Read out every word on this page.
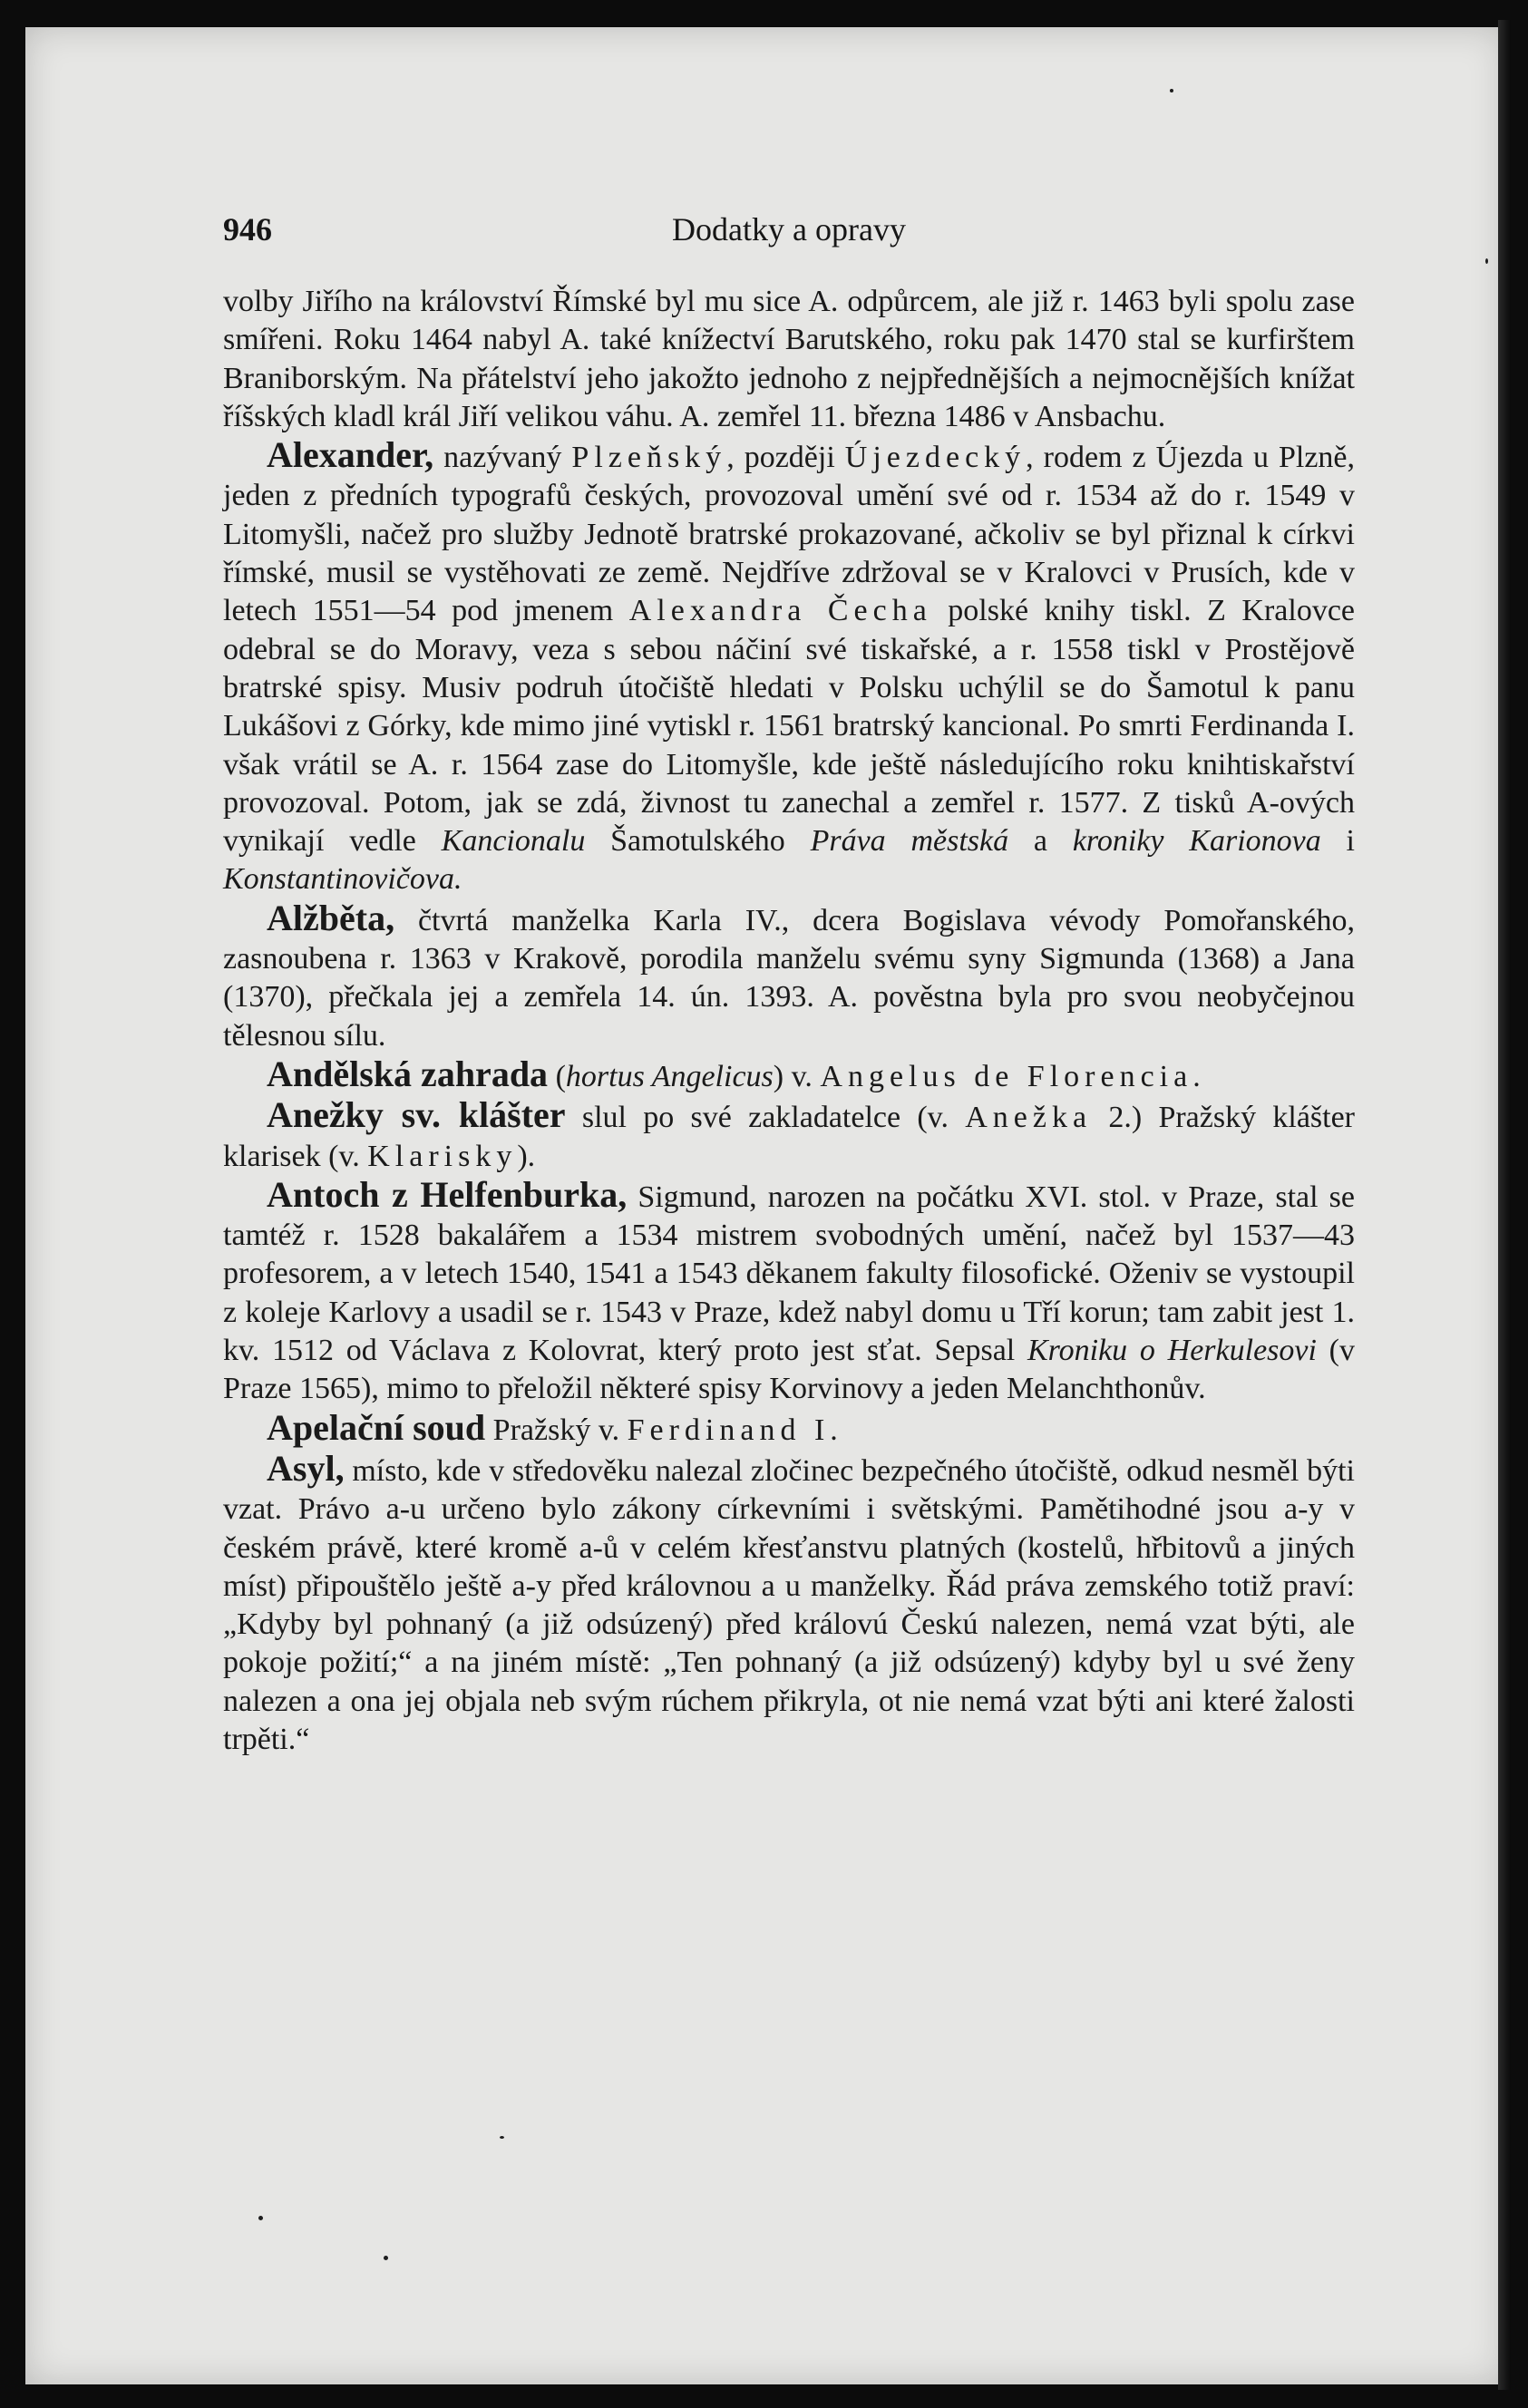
946	Dodatky a opravy

volby Jiřího na království Římské byl mu sice A. odpůrcem, ale již r. 1463 byli spolu zase smířeni. Roku 1464 nabyl A. také knížectví Barutského, roku pak 1470 stal se kurfirštem Braniborským. Na přátelství jeho jakožto jednoho z nejpřednějších a nejmocnějších knížat říšských kladl král Jiří velikou váhu. A. zemřel 11. března 1486 v Ansbachu.

Alexander, nazývaný Plzeňský, později Újezdecký, rodem z Újezda u Plzně, jeden z předních typografů českých, provozoval umění své od r. 1534 až do r. 1549 v Litomyšli, načež pro služby Jednotě bratrské prokazované, ačkoliv se byl přiznal k církvi římské, musil se vystěhovati ze země. Nejdříve zdržoval se v Kralovci v Prusích, kde v letech 1551—54 pod jmenem Alexandra Čecha polské knihy tiskl. Z Kralovce odebral se do Moravy, veza s sebou náčiní své tiskařské, a r. 1558 tiskl v Prostějově bratrské spisy. Musiv podruh útočiště hledati v Polsku uchýlil se do Šamotul k panu Lukášovi z Górky, kde mimo jiné vytiskl r. 1561 bratrský kancional. Po smrti Ferdinanda I. však vrátil se A. r. 1564 zase do Litomyšle, kde ještě následujícího roku knihtiskařství provozoval. Potom, jak se zdá, živnost tu zanechal a zemřel r. 1577. Z tisků A-ových vynikají vedle Kancionalu Šamotulského Práva městská a kroniky Karionova i Konstantinovičova.

Alžběta, čtvrtá manželka Karla IV., dcera Bogislava vévody Pomořanského, zasnoubena r. 1363 v Krakově, porodila manželu svému syny Sigmunda (1368) a Jana (1370), přečkala jej a zemřela 14. ún. 1393. A. pověstna byla pro svou neobyčejnou tělesnou sílu.

Andělská zahrada (hortus Angelicus) v. Angelus de Florencia.

Anežky sv. klášter slul po své zakladatelce (v. Anežka 2.) Pražský klášter klarisek (v. Klarisky).

Antoch z Helfenburka, Sigmund, narozen na počátku XVI. stol. v Praze, stal se tamtéž r. 1528 bakalářem a 1534 mistrem svobodných umění, načež byl 1537—43 profesorem, a v letech 1540, 1541 a 1543 děkanem fakulty filosofické. Oženiv se vystoupil z koleje Karlovy a usadil se r. 1543 v Praze, kdež nabyl domu u Tří korun; tam zabit jest 1. kv. 1512 od Václava z Kolovrat, který proto jest sťat. Sepsal Kroniku o Herkulesovi (v Praze 1565), mimo to přeložil některé spisy Korvinovy a jeden Melanchthonův.

Apelační soud Pražský v. Ferdinand I.

Asyl, místo, kde v středověku nalezal zločinec bezpečného útočiště, odkud nesměl býti vzat. Právo a-u určeno bylo zákony církevními i světskými. Pamětihodné jsou a-y v českém právě, které kromě a-ů v celém křesťanstvu platných (kostelů, hřbitovů a jiných míst) připouštělo ještě a-y před královnou a u manželky. Řád práva zemského totiž praví: „Kdyby byl pohnaný (a již odsúzený) před královú Českú nalezen, nemá vzat býti, ale pokoje požití;“ a na jiném místě: „Ten pohnaný (a již odsúzený) kdyby byl u své ženy nalezen a ona jej objala neb svým rúchem přikryla, ot nie nemá vzat býti ani které žalosti trpěti.“
